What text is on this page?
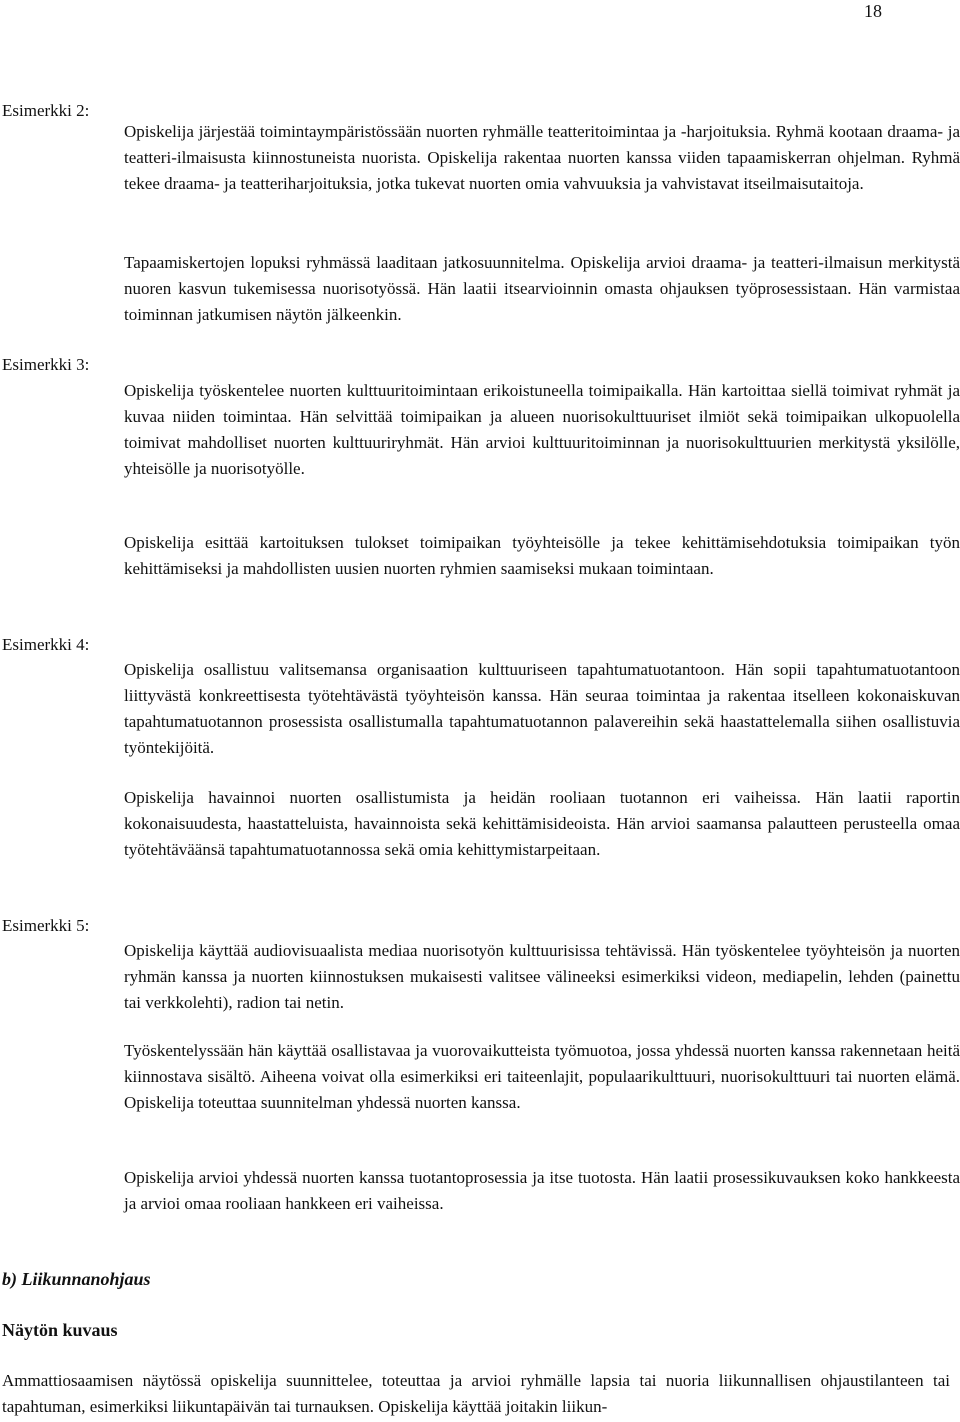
18
Esimerkki 2:

Opiskelija järjestää toimintaympäristössään nuorten ryhmälle teatteritoimintaa ja -harjoituksia. Ryhmä kootaan draama- ja teatteri-ilmaisusta kiinnostuneista nuorista. Opiskelija rakentaa nuorten kanssa viiden tapaamiskerran ohjelman. Ryhmä tekee draama- ja teatteriharjoituksia, jotka tukevat nuorten omia vahvuuksia ja vahvistavat itseilmaisutaitoja.

Tapaamiskertojen lopuksi ryhmässä laaditaan jatkosuunnitelma. Opiskelija arvioi draama- ja teatteri-ilmaisun merkitystä nuoren kasvun tukemisessa nuorisotyössä. Hän laatii itsearvioinnin omasta ohjauksen työprosessistaan. Hän varmistaa toiminnan jatkumisen näytön jälkeenkin.

Esimerkki 3:

Opiskelija työskentelee nuorten kulttuuritoimintaan erikoistuneella toimipaikalla. Hän kartoittaa siellä toimivat ryhmät ja kuvaa niiden toimintaa. Hän selvittää toimipaikan ja alueen nuorisokulttuuriset ilmiöt sekä toimipaikan ulkopuolella toimivat mahdolliset nuorten kulttuuriryhmät. Hän arvioi kulttuuritoiminnan ja nuorisokulttuurien merkitystä yksilölle, yhteisölle ja nuorisotyölle.

Opiskelija esittää kartoituksen tulokset toimipaikan työyhteisölle ja tekee kehittämisehdotuksia toimipaikan työn kehittämiseksi ja mahdollisten uusien nuorten ryhmien saamiseksi mukaan toimintaan.

Esimerkki 4:

Opiskelija osallistuu valitsemansa organisaation kulttuuriseen tapahtumatuotantoon. Hän sopii tapahtumatuotantoon liittyvästä konkreettisesta työtehtävästä työyhteisön kanssa. Hän seuraa toimintaa ja rakentaa itselleen kokonaiskuvan tapahtumatuotannon prosessista osallistumalla tapahtumatuotannon palavereihin sekä haastattelemalla siihen osallistuvia työntekijöitä.

Opiskelija havainnoi nuorten osallistumista ja heidän rooliaan tuotannon eri vaiheissa. Hän laatii raportin kokonaisuudesta, haastatteluista, havainnoista sekä kehittämisideoista. Hän arvioi saamansa palautteen perusteella omaa työtehtäväänsä tapahtumatuotannossa sekä omia kehittymistarpeitaan.

Esimerkki 5:

Opiskelija käyttää audiovisuaalista mediaa nuorisotyön kulttuurisissa tehtävissä. Hän työskentelee työyhteisön ja nuorten ryhmän kanssa ja nuorten kiinnostuksen mukaisesti valitsee välineeksi esimerkiksi videon, mediapelin, lehden (painettu tai verkkolehti), radion tai netin.

Työskentelyssään hän käyttää osallistavaa ja vuorovaikutteista työmuotoa, jossa yhdessä nuorten kanssa rakennetaan heitä kiinnostava sisältö. Aiheena voivat olla esimerkiksi eri taiteenlajit, populaarikulttuuri, nuorisokulttuuri tai nuorten elämä. Opiskelija toteuttaa suunnitelman yhdessä nuorten kanssa.

Opiskelija arvioi yhdessä nuorten kanssa tuotantoprosessia ja itse tuotosta. Hän laatii prosessikuvauksen koko hankkeesta ja arvioi omaa rooliaan hankkeen eri vaiheissa.

b) Liikunnanohjaus
Näytön kuvaus

Ammattiosaamisen näytössä opiskelija suunnittelee, toteuttaa ja arvioi ryhmälle lapsia tai nuoria liikunnallisen ohjaustilanteen tai tapahtuman, esimerkiksi liikuntapäivän tai turnauksen. Opiskelija käyttää joitakin liikun-
